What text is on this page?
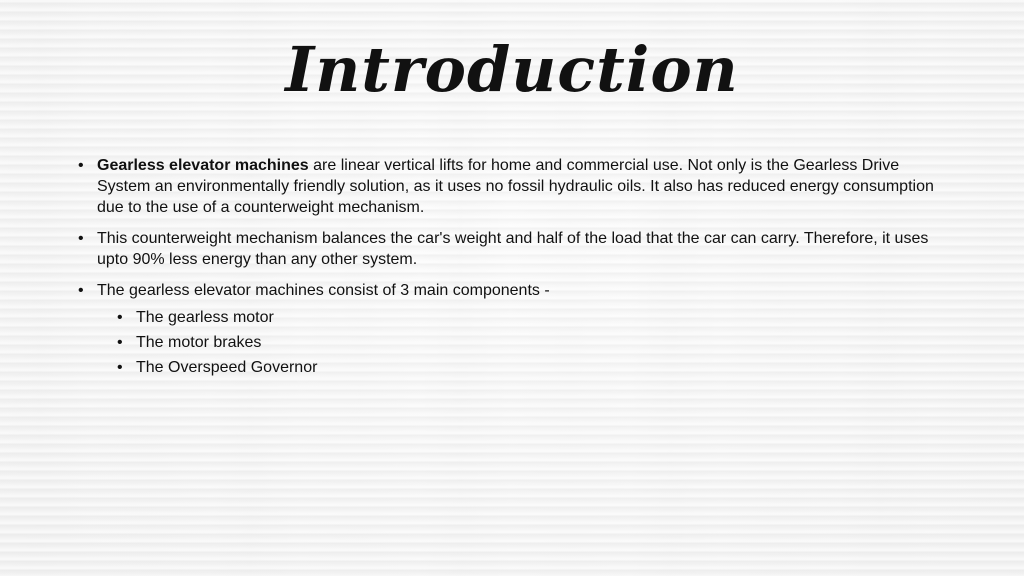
Introduction
• Gearless elevator machines are linear vertical lifts for home and commercial use. Not only is the Gearless Drive System an environmentally friendly solution, as it uses no fossil hydraulic oils. It also has reduced energy consumption due to the use of a counterweight mechanism.
• This counterweight mechanism balances the car's weight and half of the load that the car can carry. Therefore, it uses upto 90% less energy than any other system.
• The gearless elevator machines consist of 3 main components -
• The gearless motor
• The motor brakes
• The Overspeed Governor
